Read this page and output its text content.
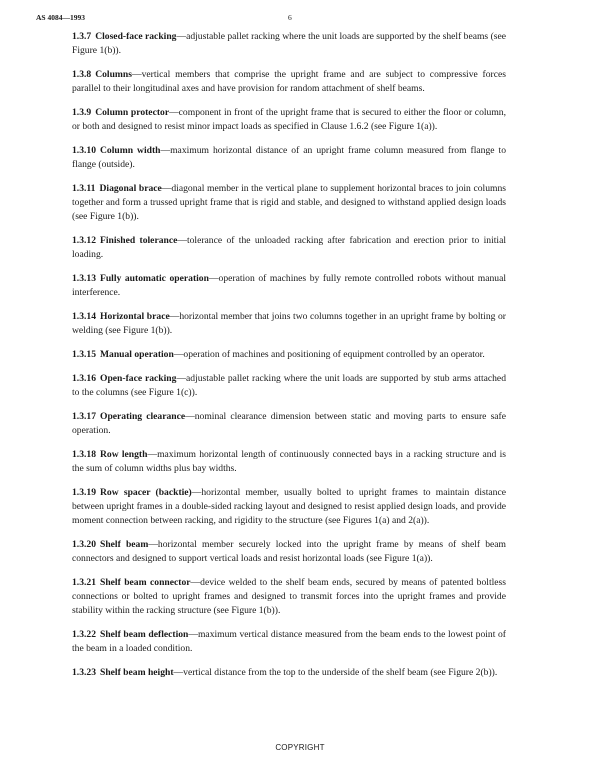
AS 4084—1993	6

1.3.7 Closed-face racking—adjustable pallet racking where the unit loads are supported by the shelf beams (see Figure 1(b)).

1.3.8 Columns—vertical members that comprise the upright frame and are subject to compressive forces parallel to their longitudinal axes and have provision for random attachment of shelf beams.

1.3.9 Column protector—component in front of the upright frame that is secured to either the floor or column, or both and designed to resist minor impact loads as specified in Clause 1.6.2 (see Figure 1(a)).

1.3.10 Column width—maximum horizontal distance of an upright frame column measured from flange to flange (outside).

1.3.11 Diagonal brace—diagonal member in the vertical plane to supplement horizontal braces to join columns together and form a trussed upright frame that is rigid and stable, and designed to withstand applied design loads (see Figure 1(b)).

1.3.12 Finished tolerance—tolerance of the unloaded racking after fabrication and erection prior to initial loading.

1.3.13 Fully automatic operation—operation of machines by fully remote controlled robots without manual interference.

1.3.14 Horizontal brace—horizontal member that joins two columns together in an upright frame by bolting or welding (see Figure 1(b)).

1.3.15 Manual operation—operation of machines and positioning of equipment controlled by an operator.

1.3.16 Open-face racking—adjustable pallet racking where the unit loads are supported by stub arms attached to the columns (see Figure 1(c)).

1.3.17 Operating clearance—nominal clearance dimension between static and moving parts to ensure safe operation.

1.3.18 Row length—maximum horizontal length of continuously connected bays in a racking structure and is the sum of column widths plus bay widths.

1.3.19 Row spacer (backtie)—horizontal member, usually bolted to upright frames to maintain distance between upright frames in a double-sided racking layout and designed to resist applied design loads, and provide moment connection between racking, and rigidity to the structure (see Figures 1(a) and 2(a)).

1.3.20 Shelf beam—horizontal member securely locked into the upright frame by means of shelf beam connectors and designed to support vertical loads and resist horizontal loads (see Figure 1(a)).

1.3.21 Shelf beam connector—device welded to the shelf beam ends, secured by means of patented boltless connections or bolted to upright frames and designed to transmit forces into the upright frames and provide stability within the racking structure (see Figure 1(b)).

1.3.22 Shelf beam deflection—maximum vertical distance measured from the beam ends to the lowest point of the beam in a loaded condition.

1.3.23 Shelf beam height—vertical distance from the top to the underside of the shelf beam (see Figure 2(b)).

COPYRIGHT
